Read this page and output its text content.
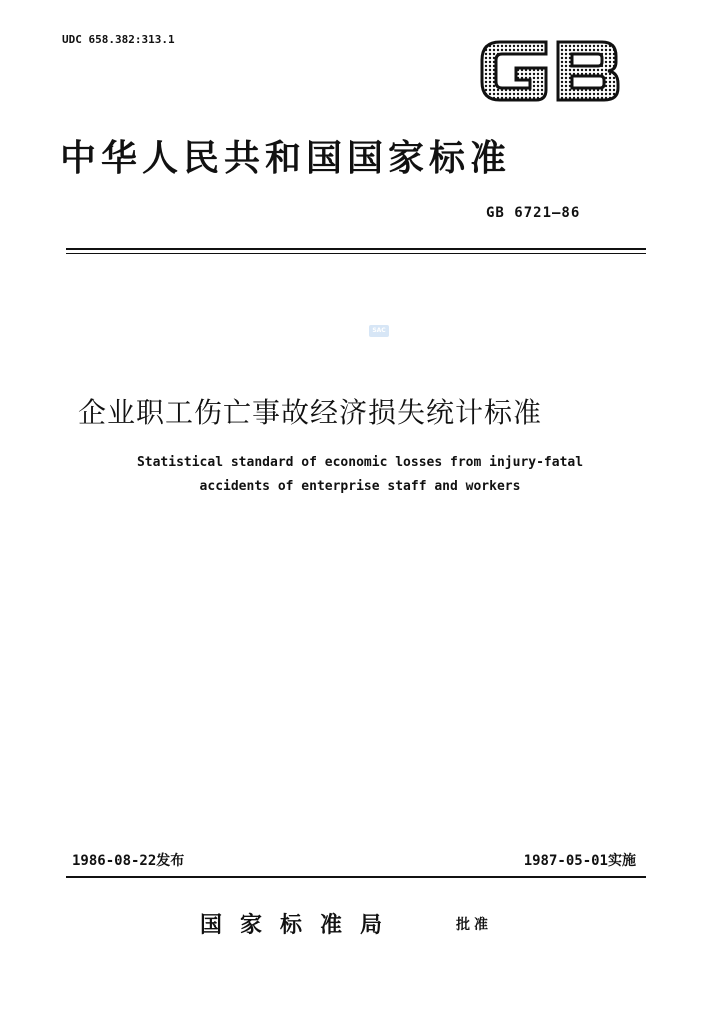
UDC 658.382:313.1
中华人民共和国国家标准
GB 6721—86
SAC
企业职工伤亡事故经济损失统计标准
Statistical standard of economic losses from injury-fatal
accidents of enterprise staff and workers
1986-08-22发布	1987-05-01实施
国家标准局	批准
